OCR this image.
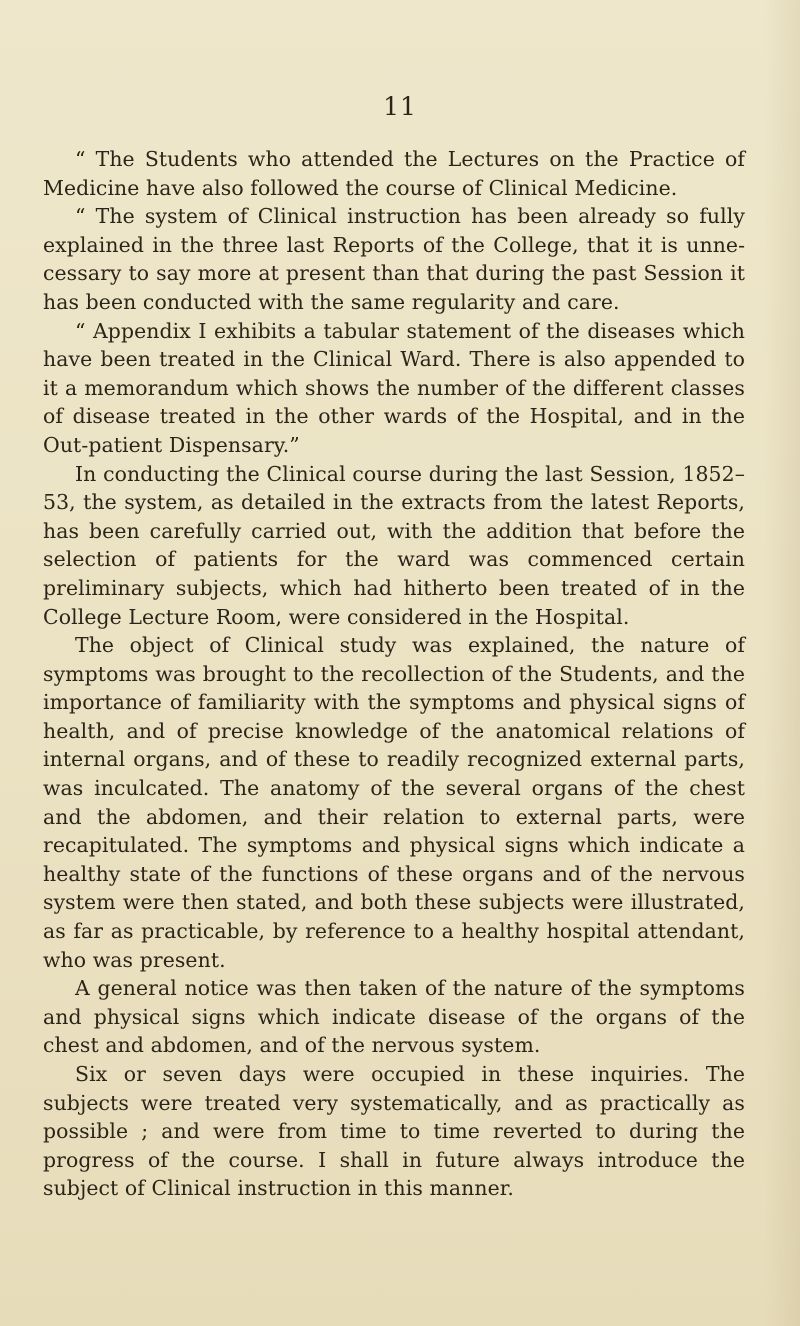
11

“ The Students who attended the Lectures on the Practice of Medicine have also followed the course of Clinical Medicine.

“ The system of Clinical instruction has been already so fully explained in the three last Reports of the College, that it is unnecessary to say more at present than that during the past Session it has been conducted with the same regularity and care.

“ Appendix I exhibits a tabular statement of the diseases which have been treated in the Clinical Ward. There is also appended to it a memorandum which shows the number of the different classes of disease treated in the other wards of the Hospital, and in the Out-patient Dispensary.”

In conducting the Clinical course during the last Session, 1852–53, the system, as detailed in the extracts from the latest Reports, has been carefully carried out, with the addition that before the selection of patients for the ward was commenced certain preliminary subjects, which had hitherto been treated of in the College Lecture Room, were considered in the Hospital.

The object of Clinical study was explained, the nature of symptoms was brought to the recollection of the Students, and the importance of familiarity with the symptoms and physical signs of health, and of precise knowledge of the anatomical relations of internal organs, and of these to readily recognized external parts, was inculcated. The anatomy of the several organs of the chest and the abdomen, and their relation to external parts, were recapitulated. The symptoms and physical signs which indicate a healthy state of the functions of these organs and of the nervous system were then stated, and both these subjects were illustrated, as far as practicable, by reference to a healthy hospital attendant, who was present.

A general notice was then taken of the nature of the symptoms and physical signs which indicate disease of the organs of the chest and abdomen, and of the nervous system.

Six or seven days were occupied in these inquiries. The subjects were treated very systematically, and as practically as possible ; and were from time to time reverted to during the progress of the course. I shall in future always introduce the subject of Clinical instruction in this manner.
